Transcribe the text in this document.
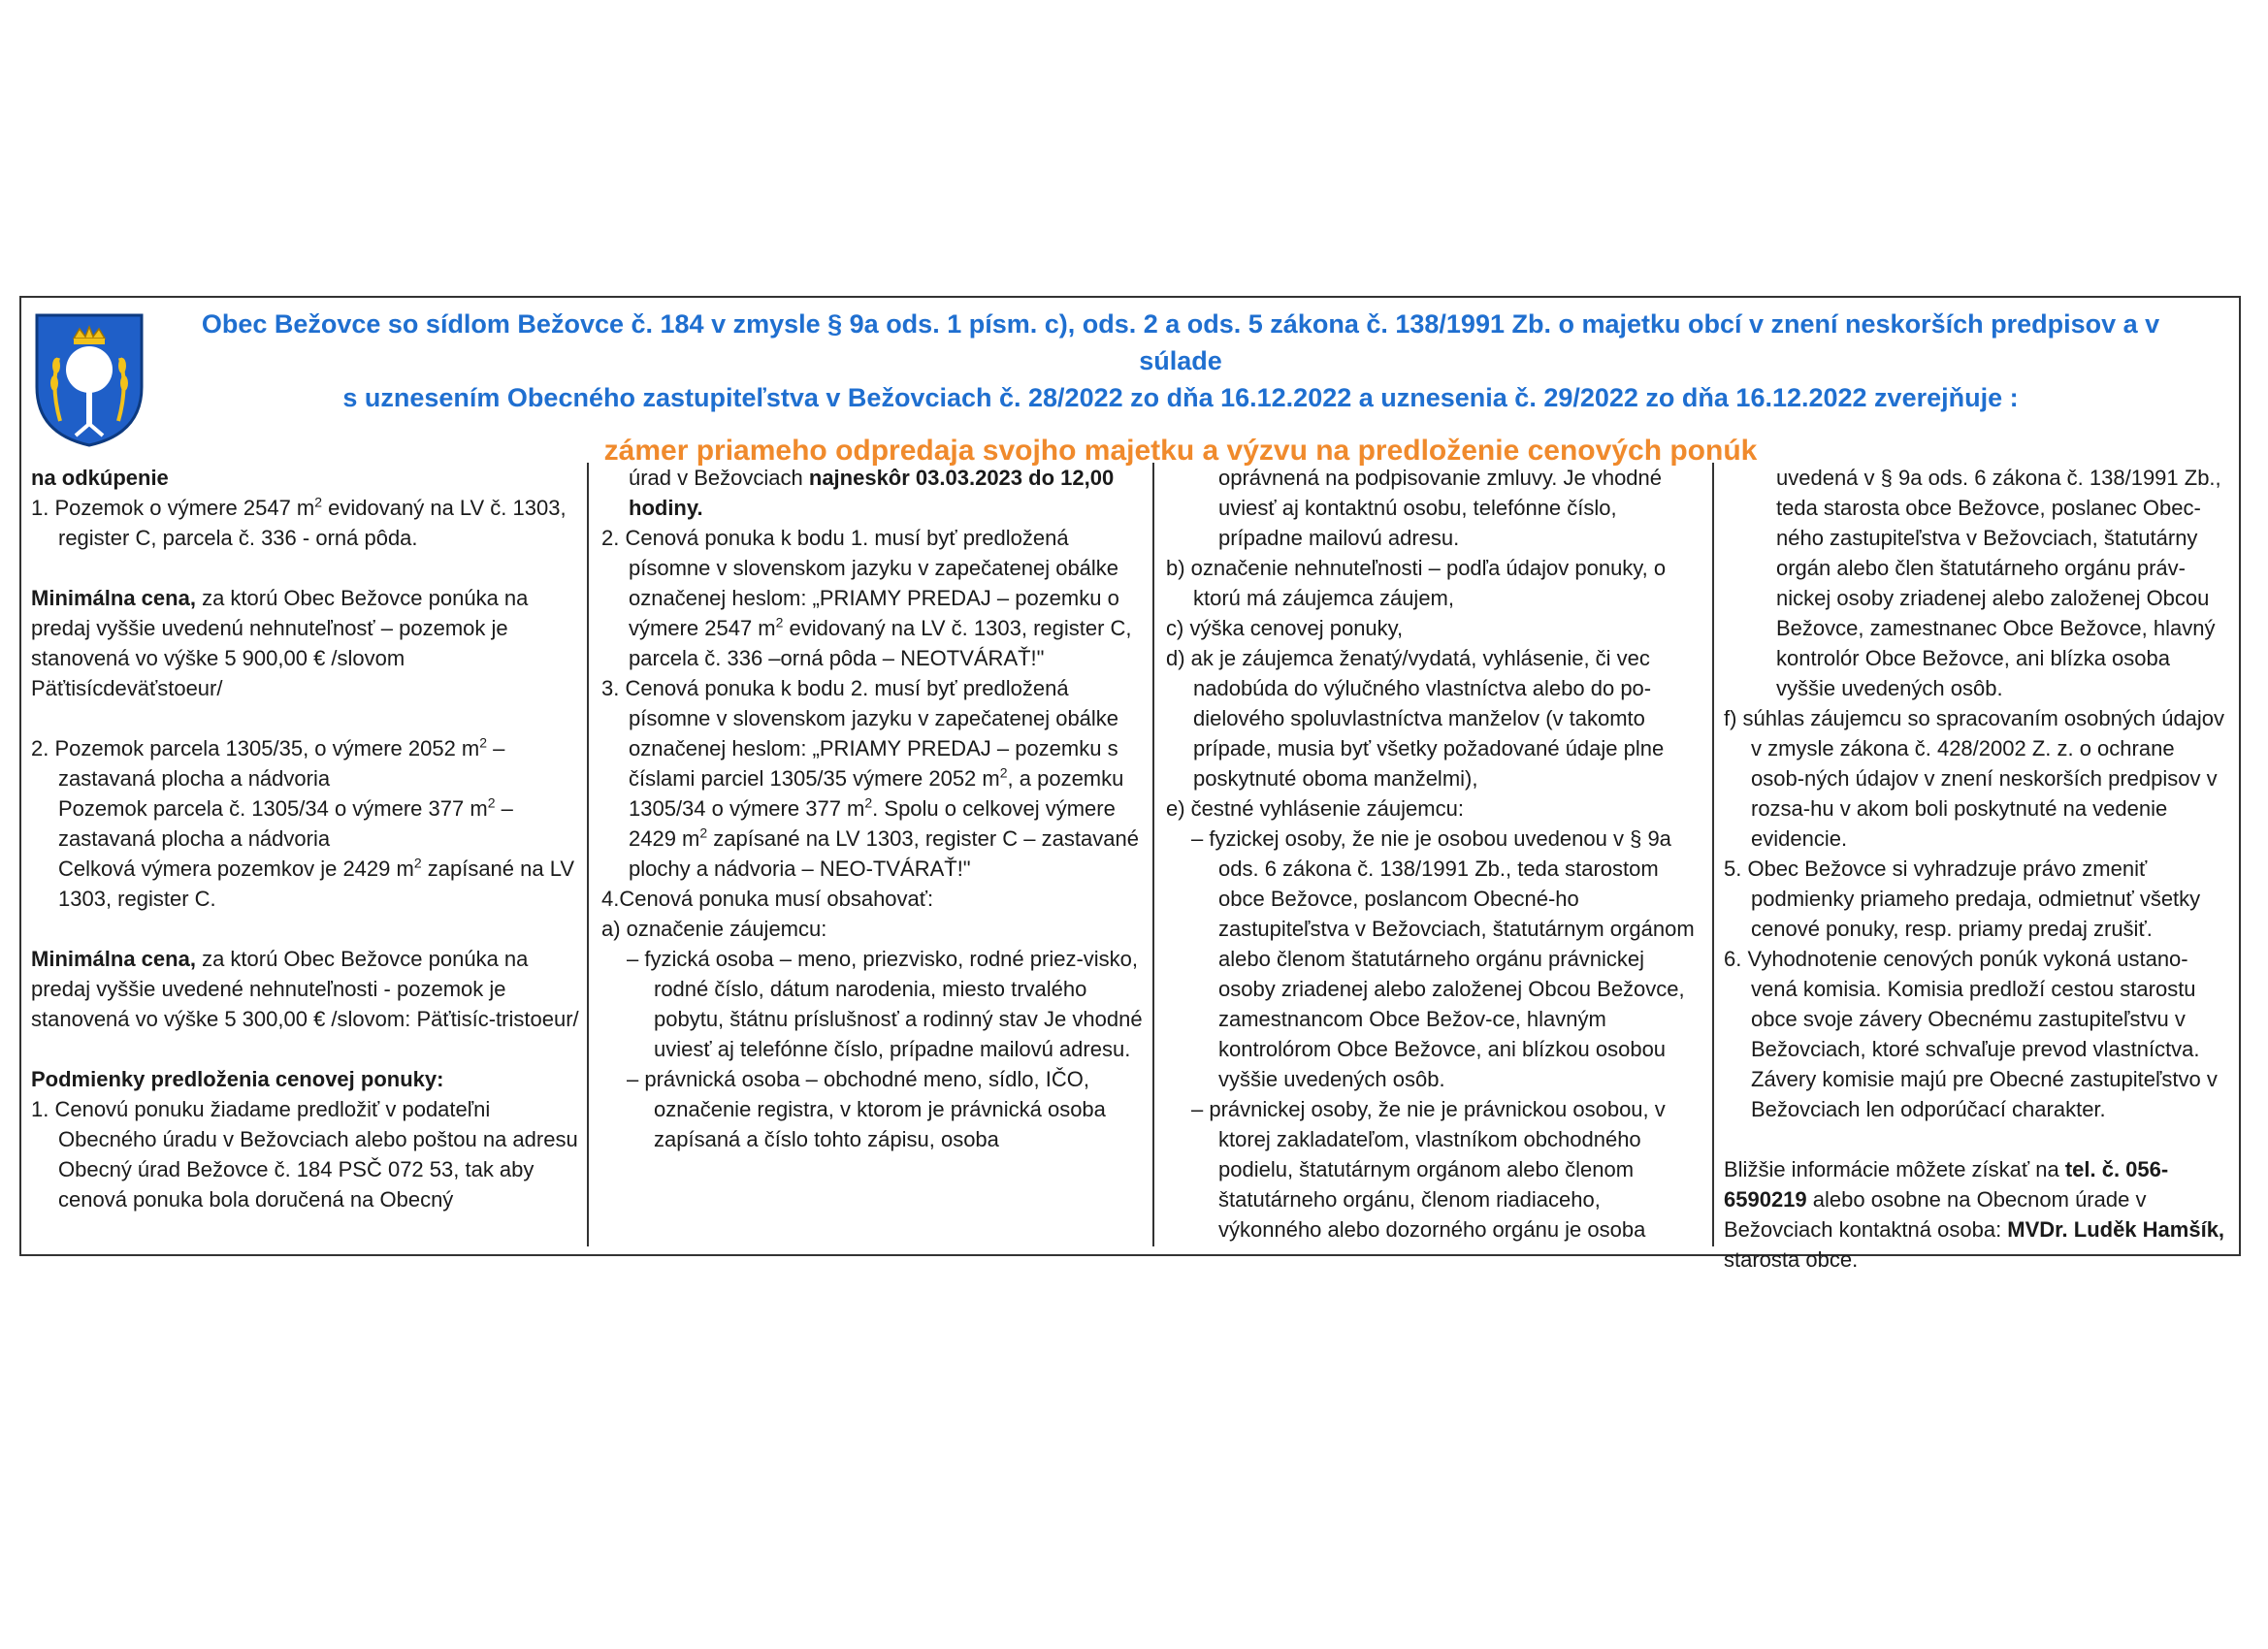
Obec Bežovce so sídlom Bežovce č. 184 v zmysle § 9a ods. 1 písm. c), ods. 2 a ods. 5 zákona č. 138/1991 Zb. o majetku obcí v znení neskorších predpisov a v súlade
s uznesením Obecného zastupiteľstva v Bežovciach č. 28/2022 zo dňa 16.12.2022 a uznesenia č. 29/2022 zo dňa 16.12.2022 zverejňuje :
zámer priameho odpredaja svojho majetku a výzvu na predloženie cenových ponúk

na odkúpenie

1. Pozemok o výmere 2547 $m^2$ evidovaný na LV č. 1303, register C, parcela č. 336 - orná pôda.

Minimálna cena, za ktorú Obec Bežovce ponúka na predaj vyššie uvedenú nehnuteľnosť – pozemok je stanovená vo výške 5 900,00 € /slovom Päťtisícdeväťstoeur/

2. Pozemok parcela 1305/35, o výmere 2052 $m^2$ – zastavaná plocha a nádvoria

Pozemok parcela č. 1305/34 o výmere 377 $m^2$ – zastavaná plocha a nádvoria

Celková výmera pozemkov je 2429 $m^2$ zapísané na LV 1303, register C.

Minimálna cena, za ktorú Obec Bežovce ponúka na predaj vyššie uvedené nehnuteľnosti - pozemok je stanovená vo výške 5 300,00 € /slovom: Päťtisíc-tristoeur/

Podmienky predloženia cenovej ponuky:

1. Cenovú ponuku žiadame predložiť v podateľni Obecného úradu v Bežovciach alebo poštou na adresu Obecný úrad Bežovce č. 184 PSČ 072 53, tak aby cenová ponuka bola doručená na Obecný

úrad v Bežovciach najneskôr 03.03.2023 do 12,00 hodiny.

2. Cenová ponuka k bodu 1. musí byť predložená písomne v slovenskom jazyku v zapečatenej obálke označenej heslom: „PRIAMY PREDAJ – pozemku o výmere 2547 $m^2$ evidovaný na LV č. 1303, register C, parcela č. 336 –orná pôda – NEOTVÁRAŤ!"

3. Cenová ponuka k bodu 2. musí byť predložená písomne v slovenskom jazyku v zapečatenej obálke označenej heslom: „PRIAMY PREDAJ – pozemku s číslami parciel 1305/35 výmere 2052 $m^2$, a pozemku 1305/34 o výmere 377 $m^2$. Spolu o celkovej výmere 2429 $m^2$ zapísané na LV 1303, register C – zastavané plochy a nádvoria – NEO-TVÁRAŤ!"

4.Cenová ponuka musí obsahovať:

a) označenie záujemcu:

– fyzická osoba – meno, priezvisko, rodné priez-visko, rodné číslo, dátum narodenia, miesto trvalého pobytu, štátnu príslušnosť a rodinný stav Je vhodné uviesť aj telefónne číslo, prípadne mailovú adresu.

– právnická osoba – obchodné meno, sídlo, IČO, označenie registra, v ktorom je právnická osoba zapísaná a číslo tohto zápisu, osoba

oprávnená na podpisovanie zmluvy. Je vhodné uviesť aj kontaktnú osobu, telefónne číslo, prípadne mailovú adresu.

b) označenie nehnuteľnosti – podľa údajov ponuky, o ktorú má záujemca záujem,

c) výška cenovej ponuky,

d) ak je záujemca ženatý/vydatá, vyhlásenie, či vec nadobúda do výlučného vlastníctva alebo do po-dielového spoluvlastníctva manželov (v takomto prípade, musia byť všetky požadované údaje plne poskytnuté oboma manželmi),

e) čestné vyhlásenie záujemcu:

– fyzickej osoby, že nie je osobou uvedenou v § 9a ods. 6 zákona č. 138/1991 Zb., teda starostom obce Bežovce, poslancom Obecné-ho zastupiteľstva v Bežovciach, štatutárnym orgánom alebo členom štatutárneho orgánu právnickej osoby zriadenej alebo založenej Obcou Bežovce, zamestnancom Obce Bežov-ce, hlavným kontrolórom Obce Bežovce, ani blízkou osobou vyššie uvedených osôb.

– právnickej osoby, že nie je právnickou osobou, v ktorej zakladateľom, vlastníkom obchodného podielu, štatutárnym orgánom alebo členom štatutárneho orgánu, členom riadiaceho, výkonného alebo dozorného orgánu je osoba

uvedená v § 9a ods. 6 zákona č. 138/1991 Zb., teda starosta obce Bežovce, poslanec Obec-ného zastupiteľstva v Bežovciach, štatutárny orgán alebo člen štatutárneho orgánu práv-nickej osoby zriadenej alebo založenej Obcou Bežovce, zamestnanec Obce Bežovce, hlavný kontrolór Obce Bežovce, ani blízka osoba vyššie uvedených osôb.

f) súhlas záujemcu so spracovaním osobných údajov v zmysle zákona č. 428/2002 Z. z. o ochrane osob-ných údajov v znení neskorších predpisov v rozsa-hu v akom boli poskytnuté na vedenie evidencie.

5. Obec Bežovce si vyhradzuje právo zmeniť podmienky priameho predaja, odmietnuť všetky cenové ponuky, resp. priamy predaj zrušiť.

6. Vyhodnotenie cenových ponúk vykoná ustano-vená komisia. Komisia predloží cestou starostu obce svoje závery Obecnému zastupiteľstvu v Bežovciach, ktoré schvaľuje prevod vlastníctva. Závery komisie majú pre Obecné zastupiteľstvo v Bežovciach len odporúčací charakter.

Bližšie informácie môžete získať na tel. č. 056-6590219 alebo osobne na Obecnom úrade v Bežovciach kontaktná osoba: MVDr. Luděk Hamšík, starosta obce.
